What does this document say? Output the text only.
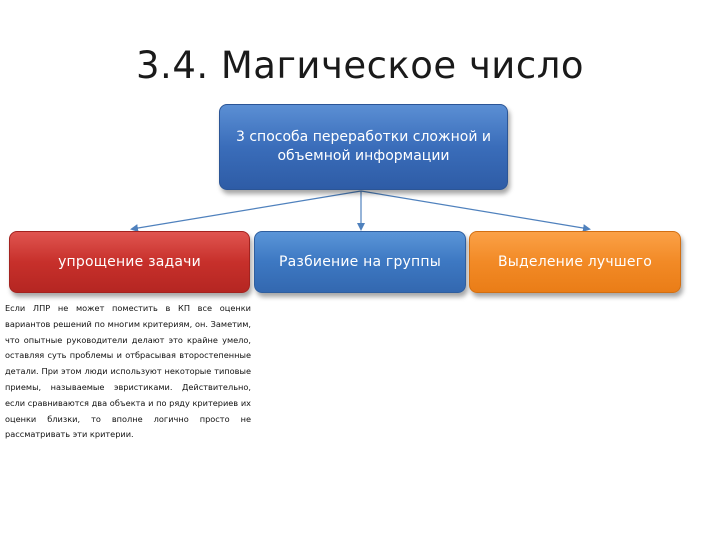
3.4. Магическое число
3 способа переработки сложной и объемной информации
упрощение задачи	Разбиение на группы	Выделение лучшего
Если ЛПР не может поместить в КП все оценки вариантов решений по многим критериям, он. Заметим, что опытные руководители делают это крайне умело, оставляя суть проблемы и отбрасывая второстепенные детали. При этом люди используют некоторые типовые приемы, называемые эвристиками. Действительно, если сравниваются два объекта и по ряду критериев их оценки близки, то вполне логично просто не рассматривать эти критерии.
